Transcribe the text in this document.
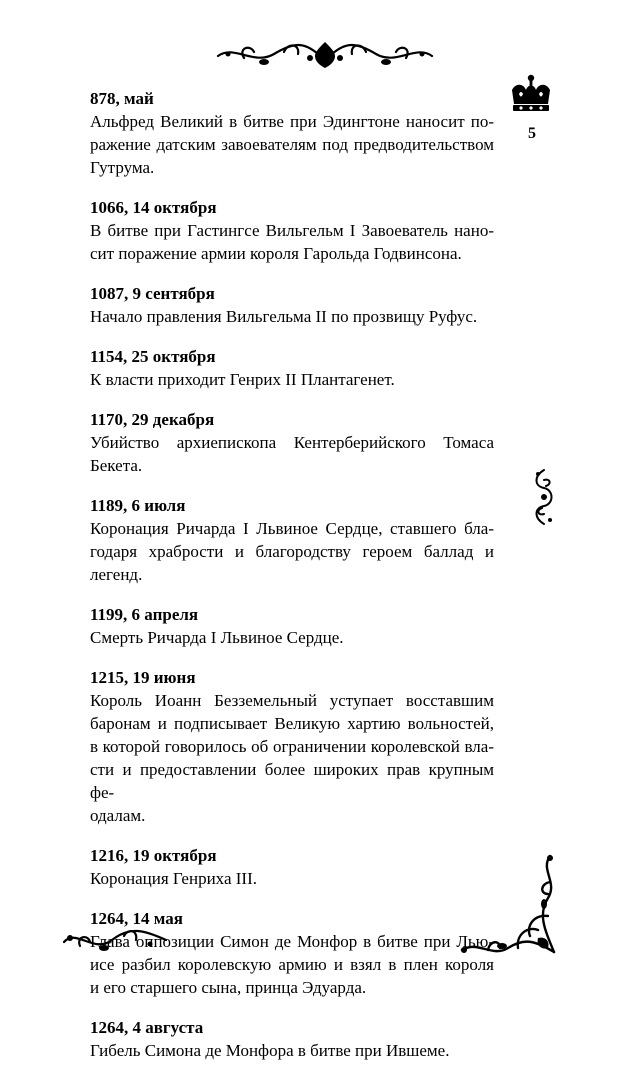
5
878, май
Альфред Великий в битве при Эдингтоне наносит по-
ражение датским завоевателям под предводительством
Гутрума.
1066, 14 октября
В битве при Гастингсе Вильгельм I Завоеватель нано-
сит поражение армии короля Гарольда Годвинсона.
1087, 9 сентября
Начало правления Вильгельма II по прозвищу Руфус.
1154, 25 октября
К власти приходит Генрих II Плантагенет.
1170, 29 декабря
Убийство архиепископа Кентерберийского Томаса
Бекета.
1189, 6 июля
Коронация Ричарда I Львиное Сердце, ставшего бла-
годаря храбрости и благородству героем баллад и легенд.
1199, 6 апреля
Смерть Ричарда I Львиное Сердце.
1215, 19 июня
Король Иоанн Безземельный уступает восставшим
баронам и подписывает Великую хартию вольностей,
в которой говорилось об ограничении королевской вла-
сти и предоставлении более широких прав крупным фе-
одалам.
1216, 19 октября
Коронация Генриха III.
1264, 14 мая
Глава оппозиции Симон де Монфор в битве при Лью-
исе разбил королевскую армию и взял в плен короля
и его старшего сына, принца Эдуарда.
1264, 4 августа
Гибель Симона де Монфора в битве при Ившеме.
